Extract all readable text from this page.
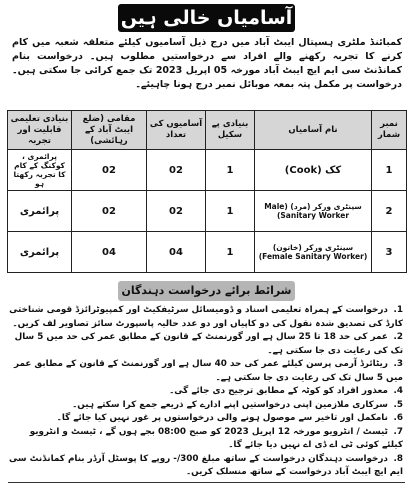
آسامیاں خالی ہیں
کمبائنڈ ملٹری ہسپتال ایبٹ آباد میں درج ذیل آسامیوں کیلئے متعلقہ شعبہ میں کام کرنے کا تجربہ رکھنے والے افراد سے درخواستیں مطلوب ہیں۔ درخواست بنام کمانڈنٹ سی ایم ایچ ایبٹ آباد مورخہ 05 اپریل 2023 تک جمع کرائی جا سکتی ہیں۔ درخواست پر مکمل پتہ بمعہ موبائل نمبر درج ہونا چاہیئے۔
نمبر شمار	نام آسامیاں	بنیادی پے سکیل	آسامیوں کی تعداد	مقامی (ضلع ایبٹ آباد کے رہائشی)	بنیادی تعلیمی قابلیت اور تجربہ
1	کک (Cook)	1	02	02	پرائمری ، کوکنگ کے کام کا تجربہ رکھتا ہو
2	سینٹری ورکر (مرد) (Male Sanitary Worker)	1	02	02	پرائمری
3	سینٹری ورکر (خاتون) (Female Sanitary Worker)	1	04	04	پرائمری
شرائط برائے درخواست دہندگان
1. درخواست کے ہمراہ تعلیمی اسناد و ڈومیسائل سرٹیفکیٹ اور کمپیوٹرائزڈ قومی شناختی کارڈ کی تصدیق شدہ نقول کی دو کاپیاں اور دو عدد حالیہ پاسپورٹ سائز تصاویر لف کریں۔
2. عمر کی حد 18 تا 25 سال ہے اور گورنمنٹ کے قانون کے مطابق عمر کی حد میں 5 سال تک کی رعایت دی جا سکتی ہے۔
3. ریٹائرڈ آرمی پرسن کیلئے عمر کی حد 40 سال ہے اور گورنمنٹ کے قانون کے مطابق عمر میں 5 سال تک کی رعایت دی جا سکتی ہے۔
4. معذور افراد کو کوٹہ کے مطابق ترجیح دی جائے گی۔
5. سرکاری ملازمین اپنی درخواستیں اپنے ادارے کے ذریعے جمع کرا سکتے ہیں۔
6. نامکمل اور تاخیر سے موصول ہونے والی درخواستوں پر غور نہیں کیا جائے گا۔
7. ٹیسٹ / انٹرویو مورخہ 12 اپریل 2023 کو صبح 08:00 بجے ہوں گے ، ٹیسٹ و انٹرویو کیلئے کوئی ٹی اے ڈی اے نہیں دیا جائے گا۔
8. درخواست دہندگان درخواست کے ساتھ مبلغ 300/- روپے کا پوسٹل آرڈر بنام کمانڈنٹ سی ایم ایچ ایبٹ آباد درخواست کے ساتھ منسلک کریں۔
